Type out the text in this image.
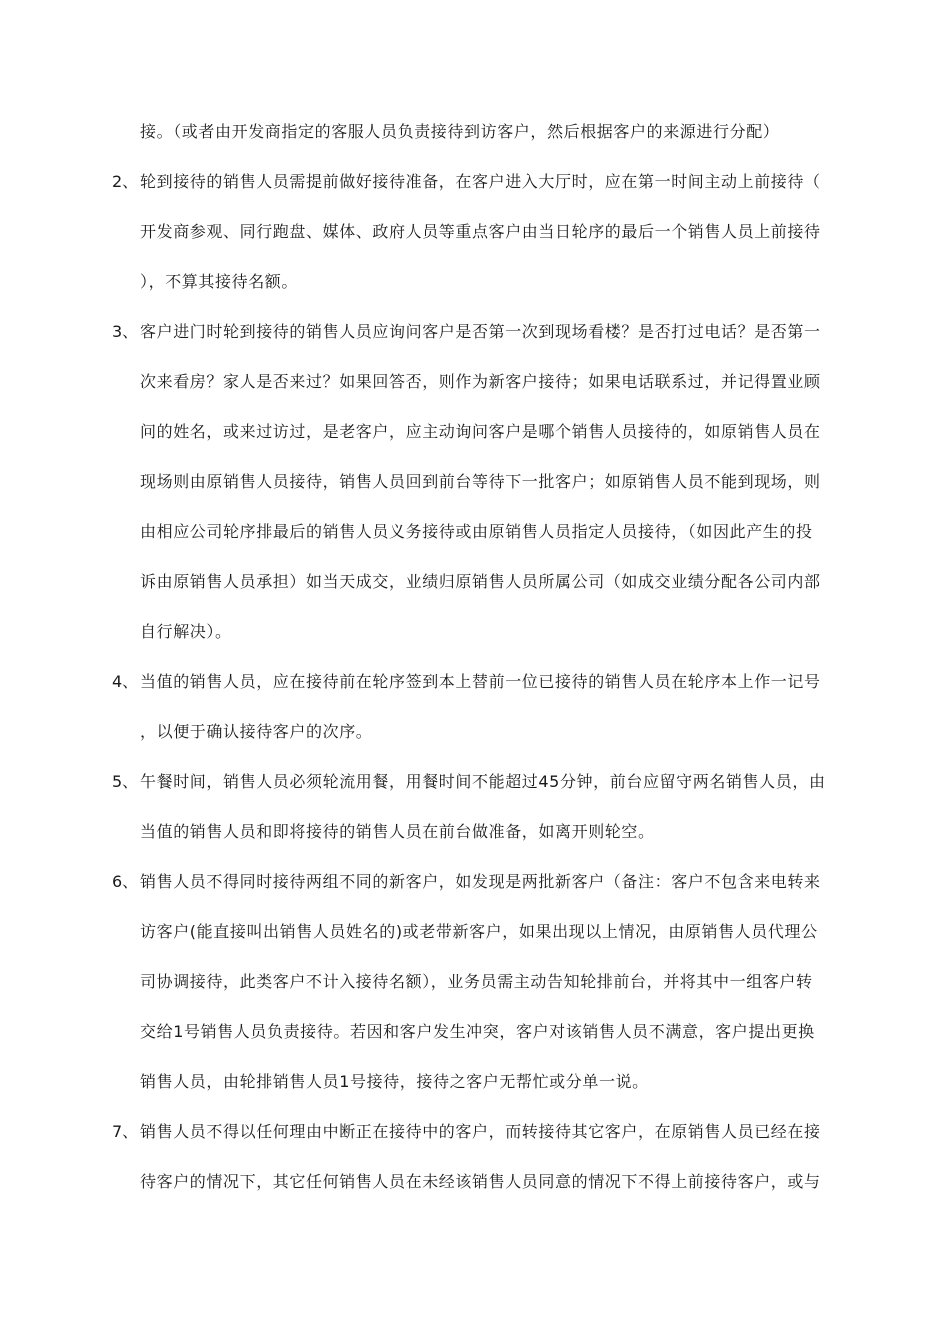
接。（或者由开发商指定的客服人员负责接待到访客户，然后根据客户的来源进行分配）
2、 轮到接待的销售人员需提前做好接待准备，在客户进入大厅时，应在第一时间主动上前接待（
开发商参观、同行跑盘、媒体、政府人员等重点客户由当日轮序的最后一个销售人员上前接待
），不算其接待名额。
3、 客户进门时轮到接待的销售人员应询问客户是否第一次到现场看楼？是否打过电话？是否第一
次来看房？家人是否来过？如果回答否，则作为新客户接待；如果电话联系过，并记得置业顾
问的姓名，或来过访过，是老客户，应主动询问客户是哪个销售人员接待的，如原销售人员在
现场则由原销售人员接待，销售人员回到前台等待下一批客户；如原销售人员不能到现场，则
由相应公司轮序排最后的销售人员义务接待或由原销售人员指定人员接待，（如因此产生的投
诉由原销售人员承担）如当天成交，业绩归原销售人员所属公司（如成交业绩分配各公司内部
自行解决）。
4、 当值的销售人员，应在接待前在轮序签到本上替前一位已接待的销售人员在轮序本上作一记号
，以便于确认接待客户的次序。
5、 午餐时间，销售人员必须轮流用餐，用餐时间不能超过45分钟，前台应留守两名销售人员，由
当值的销售人员和即将接待的销售人员在前台做准备，如离开则轮空。
6、 销售人员不得同时接待两组不同的新客户，如发现是两批新客户（备注：客户不包含来电转来
访客户(能直接叫出销售人员姓名的)或老带新客户，如果出现以上情况，由原销售人员代理公
司协调接待，此类客户不计入接待名额），业务员需主动告知轮排前台，并将其中一组客户转
交给1号销售人员负责接待。若因和客户发生冲突，客户对该销售人员不满意，客户提出更换
销售人员，由轮排销售人员1号接待，接待之客户无帮忙或分单一说。
7、 销售人员不得以任何理由中断正在接待中的客户，而转接待其它客户，在原销售人员已经在接
待客户的情况下，其它任何销售人员在未经该销售人员同意的情况下不得上前接待客户，或与
